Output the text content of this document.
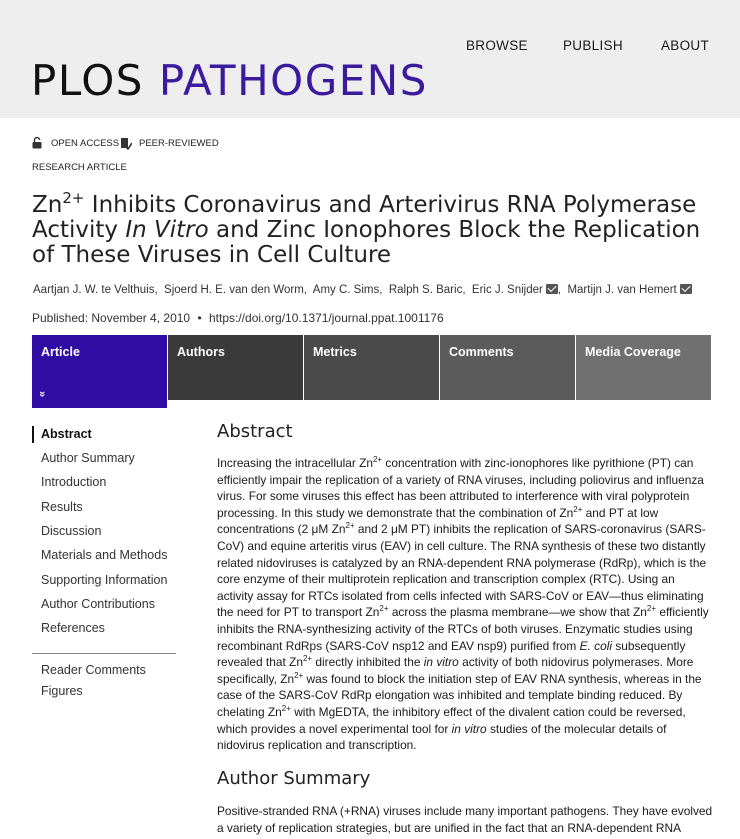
BROWSE	PUBLISH	ABOUT
PLOS PATHOGENS
OPEN ACCESS PEER-REVIEWED
RESEARCH ARTICLE
$Zn^{2+}$ Inhibits Coronavirus and Arterivirus RNA Polymerase Activity In Vitro and Zinc Ionophores Block the Replication of These Viruses in Cell Culture
Aartjan J. W. te Velthuis, Sjoerd H. E. van den Worm, Amy C. Sims, Ralph S. Baric, Eric J. Snijder , Martijn J. van Hemert
Published: November 4, 2010 • https://doi.org/10.1371/journal.ppat.1001176
Article
»
Authors	Metrics	Comments	Media Coverage
Abstract
Author Summary
Introduction
Results
Discussion
Materials and Methods
Supporting Information
Author Contributions
References
Reader Comments
Figures
Abstract

Increasing the intracellular $Zn^{2+}$ concentration with zinc-ionophores like pyrithione (PT) can efficiently impair the replication of a variety of RNA viruses, including poliovirus and influenza virus. For some viruses this effect has been attributed to interference with viral polyprotein processing. In this study we demonstrate that the combination of $Zn^{2+}$ and PT at low concentrations (2 μM $Zn^{2+}$ and 2 μM PT) inhibits the replication of SARS-coronavirus (SARS-CoV) and equine arteritis virus (EAV) in cell culture. The RNA synthesis of these two distantly related nidoviruses is catalyzed by an RNA-dependent RNA polymerase (RdRp), which is the core enzyme of their multiprotein replication and transcription complex (RTC). Using an activity assay for RTCs isolated from cells infected with SARS-CoV or EAV—thus eliminating the need for PT to transport $Zn^{2+}$ across the plasma membrane—we show that $Zn^{2+}$ efficiently inhibits the RNA-synthesizing activity of the RTCs of both viruses. Enzymatic studies using recombinant RdRps (SARS-CoV nsp12 and EAV nsp9) purified from E. coli subsequently revealed that $Zn^{2+}$ directly inhibited the in vitro activity of both nidovirus polymerases. More specifically, $Zn^{2+}$ was found to block the initiation step of EAV RNA synthesis, whereas in the case of the SARS-CoV RdRp elongation was inhibited and template binding reduced. By chelating $Zn^{2+}$ with MgEDTA, the inhibitory effect of the divalent cation could be reversed, which provides a novel experimental tool for in vitro studies of the molecular details of nidovirus replication and transcription.

Author Summary

Positive-stranded RNA (+RNA) viruses include many important pathogens. They have evolved a variety of replication strategies, but are unified in the fact that an RNA-dependent RNA
